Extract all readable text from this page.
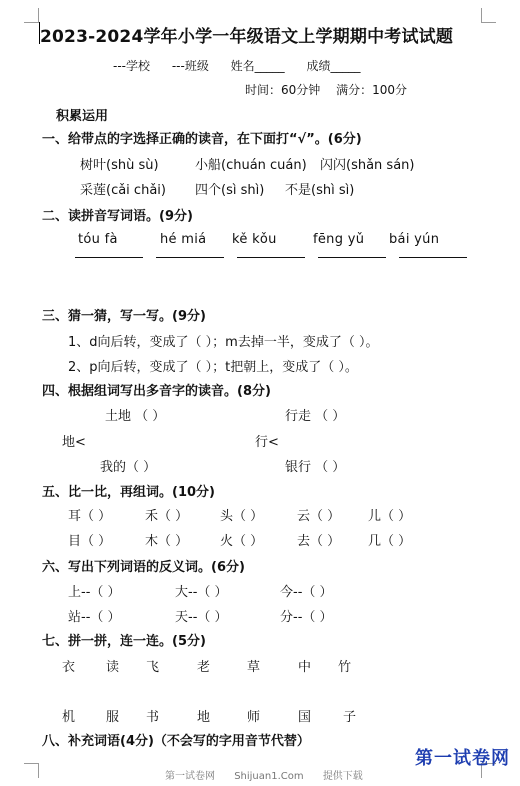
2023-2024学年小学一年级语文上学期期中考试试题
---学校 ---班级 姓名_____ 成绩_____
时间：60分钟 满分：100分
积累运用
一、给带点的字选择正确的读音，在下面打“√”。(6分)
树叶(shù sù)	小船(chuán cuán) 闪闪(shǎn sán)
采莲(cǎi chǎi) 四个(sì shì) 不是(shì sì)
二、读拼音写词语。(9分)
tóu fà	hé miá kě kǒu	fēng yǔ bái yún
三、猜一猜，写一写。(9分)
1、d向后转，变成了（ ）；m去掉一半，变成了（ ）。
2、p向后转，变成了（ ）；t把朝上，变成了（ ）。
四、根据组词写出多音字的读音。(8分)
土地 （ ）	行走 （ ）
地<	行<
我的（ ）	银行 （ ）
五、比一比，再组词。(10分)
耳（ ）	禾（ ） 头（ ）	云（ ） 儿（ ）
目（ ）	木（ ） 火（ ）	去（ ） 几（ ）
六、写出下列词语的反义词。(6分)
上--（ ）	大--（ ）	今--（ ）
站--（ ）	天--（ ）	分--（ ）
七、拼一拼，连一连。(5分)
衣 读 飞	老	草	中 竹
机 服 书	地	师	国 子
八、补充词语(4分)（不会写的字用音节代替）
第一试卷网 Shijuan1.Com 提供下载
第一试卷网
